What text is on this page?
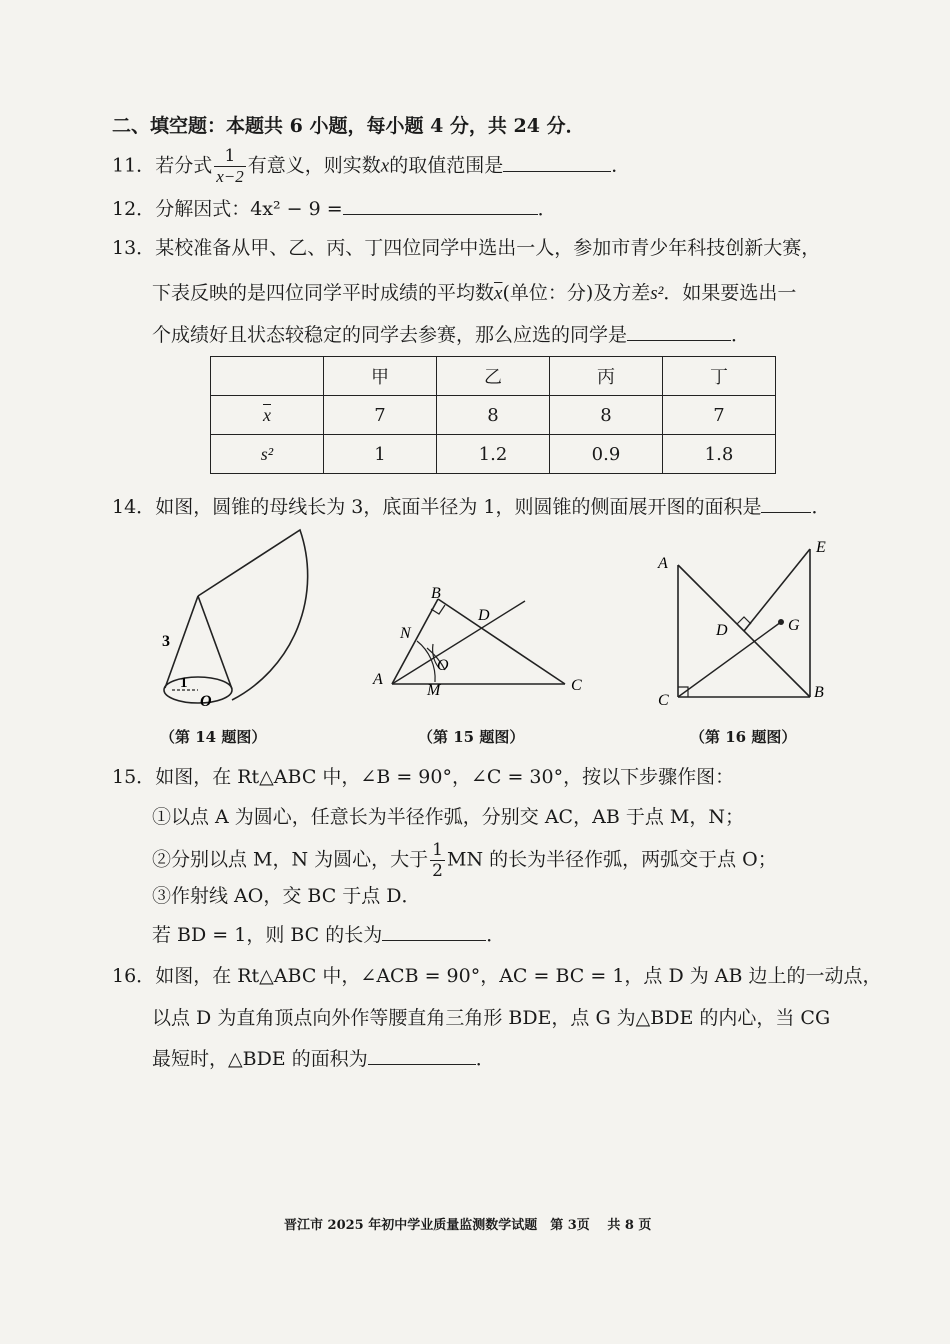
二、填空题：本题共 6 小题，每小题 4 分，共 24 分．
11．若分式 $\frac{1}{x-2}$ 有意义，则实数x的取值范围是	．
12．分解因式：4x² − 9 =	．
13．某校准备从甲、乙、丙、丁四位同学中选出一人，参加市青少年科技创新大赛，
下表反映的是四位同学平时成绩的平均数$\overline{x}$(单位：分)及方差s²．如果要选出一
个成绩好且状态较稳定的同学去参赛，那么应选的同学是	．
	甲	乙	丙	丁
$\overline{x}$	7	8	8	7
s²	1	1.2	0.9	1.8
14．如图，圆锥的母线长为 3，底面半径为 1，则圆锥的侧面展开图的面积是	．
3
1
O
B
D
N
O
A
M	C
A
E
D	G
C	B
（第 14 题图）	（第 15 题图）	（第 16 题图）
15．如图，在 Rt△ABC 中，∠B = 90°，∠C = 30°，按以下步骤作图：
①以点 A 为圆心，任意长为半径作弧，分别交 AC，AB 于点 M，N；
②分别以点 M，N 为圆心，大于 $\frac{1}{2}$ MN 的长为半径作弧，两弧交于点 O；
③作射线 AO，交 BC 于点 D．
若 BD = 1，则 BC 的长为	．
16．如图，在 Rt△ABC 中，∠ACB = 90°，AC = BC = 1，点 D 为 AB 边上的一动点，
以点 D 为直角顶点向外作等腰直角三角形 BDE，点 G 为△BDE 的内心，当 CG
最短时，△BDE 的面积为	．
晋江市 2025 年初中学业质量监测数学试题　第 3页　 共 8 页
